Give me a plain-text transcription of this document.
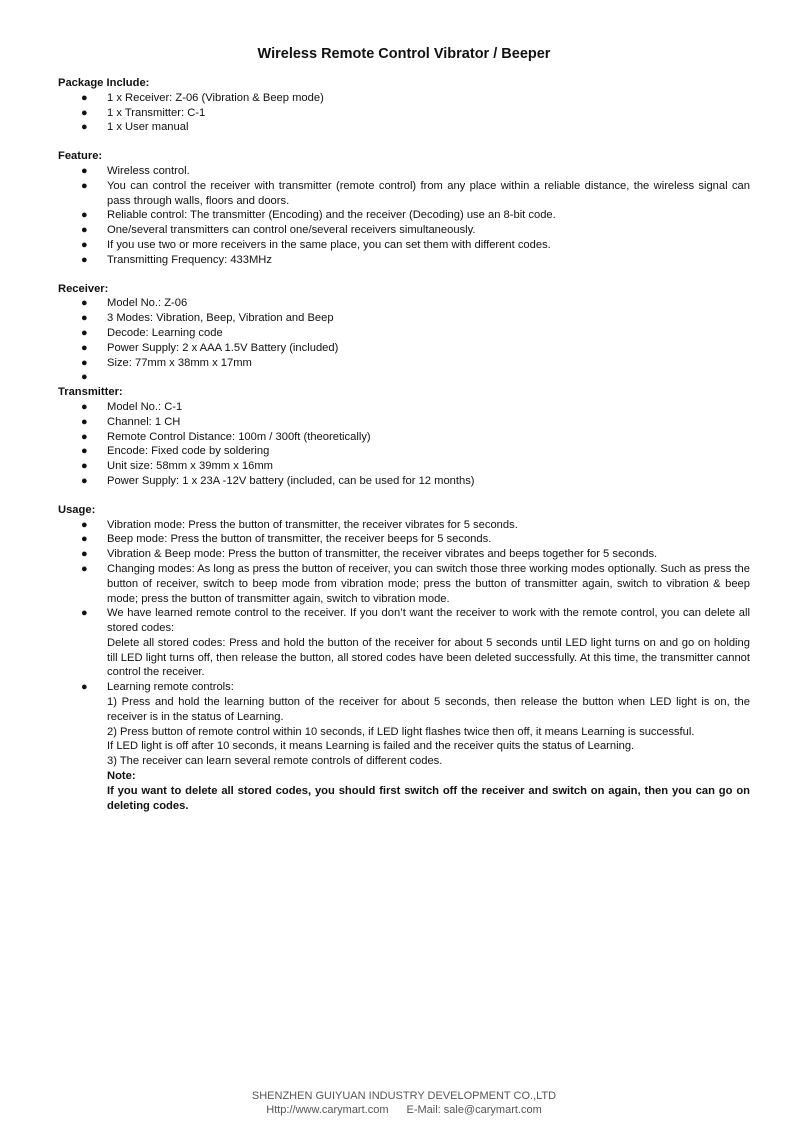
Wireless Remote Control Vibrator / Beeper
Package Include:
● 1 x Receiver: Z-06 (Vibration & Beep mode)
● 1 x Transmitter: C-1
● 1 x User manual
Feature:
● Wireless control.
● You can control the receiver with transmitter (remote control) from any place within a reliable distance, the wireless signal can pass through walls, floors and doors.
● Reliable control: The transmitter (Encoding) and the receiver (Decoding) use an 8-bit code.
● One/several transmitters can control one/several receivers simultaneously.
● If you use two or more receivers in the same place, you can set them with different codes.
● Transmitting Frequency: 433MHz
Receiver:
● Model No.: Z-06
● 3 Modes: Vibration, Beep, Vibration and Beep
● Decode: Learning code
● Power Supply: 2 x AAA 1.5V Battery (included)
● Size: 77mm x 38mm x 17mm
●
Transmitter:
● Model No.: C-1
● Channel: 1 CH
● Remote Control Distance: 100m / 300ft (theoretically)
● Encode: Fixed code by soldering
● Unit size: 58mm x 39mm x 16mm
● Power Supply: 1 x 23A -12V battery (included, can be used for 12 months)
Usage:
● Vibration mode: Press the button of transmitter, the receiver vibrates for 5 seconds.
● Beep mode: Press the button of transmitter, the receiver beeps for 5 seconds.
● Vibration & Beep mode: Press the button of transmitter, the receiver vibrates and beeps together for 5 seconds.
● Changing modes: As long as press the button of receiver, you can switch those three working modes optionally. Such as press the button of receiver, switch to beep mode from vibration mode; press the button of transmitter again, switch to vibration & beep mode; press the button of transmitter again, switch to vibration mode.
● We have learned remote control to the receiver. If you don’t want the receiver to work with the remote control, you can delete all stored codes:
Delete all stored codes: Press and hold the button of the receiver for about 5 seconds until LED light turns on and go on holding till LED light turns off, then release the button, all stored codes have been deleted successfully. At this time, the transmitter cannot control the receiver.
● Learning remote controls:
1) Press and hold the learning button of the receiver for about 5 seconds, then release the button when LED light is on, the receiver is in the status of Learning.
2) Press button of remote control within 10 seconds, if LED light flashes twice then off, it means Learning is successful.
If LED light is off after 10 seconds, it means Learning is failed and the receiver quits the status of Learning.
3) The receiver can learn several remote controls of different codes.
Note:
If you want to delete all stored codes, you should first switch off the receiver and switch on again, then you can go on deleting codes.
SHENZHEN GUIYUAN INDUSTRY DEVELOPMENT CO.,LTD
Http://www.carymart.com E-Mail: sale@carymart.com
